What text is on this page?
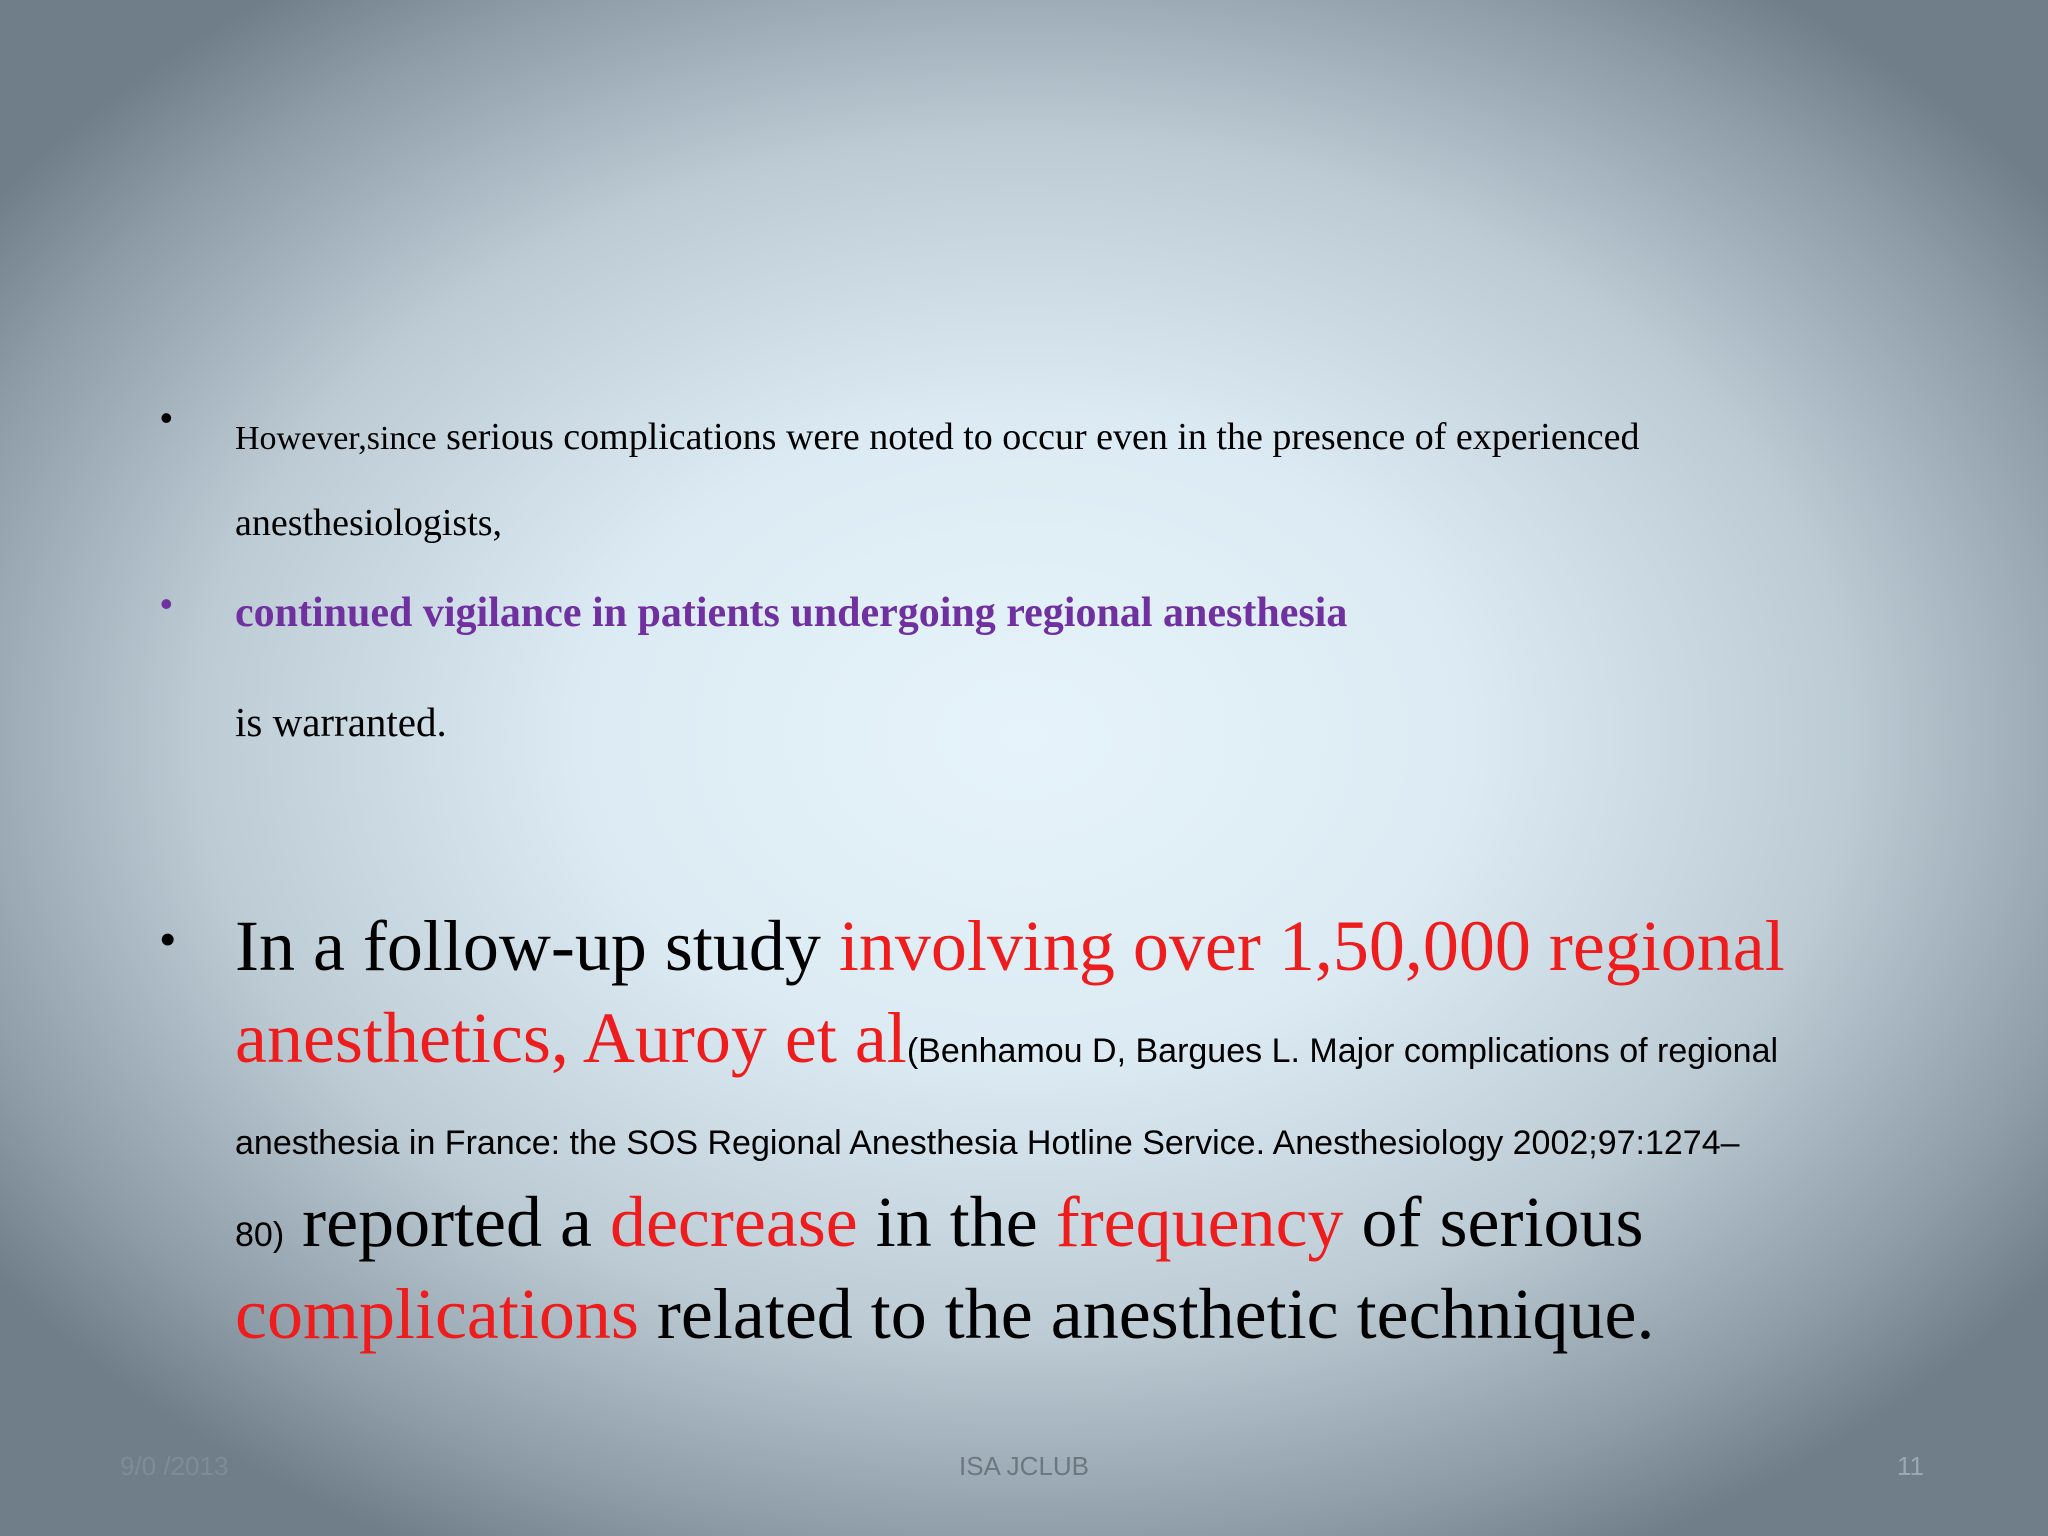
•

However,since serious complications were noted to occur even in the presence of experienced anesthesiologists,

• continued vigilance in patients undergoing regional anesthesia

is warranted.

• In a follow-up study involving over 1,50,000 regional anesthetics, Auroy et al(Benhamou D, Bargues L. Major complications of regional anesthesia in France: the SOS Regional Anesthesia Hotline Service. Anesthesiology 2002;97:1274–
80) reported a decrease in the frequency of serious
complications related to the anesthetic technique.

9/0 /2013	ISA JCLUB	11
